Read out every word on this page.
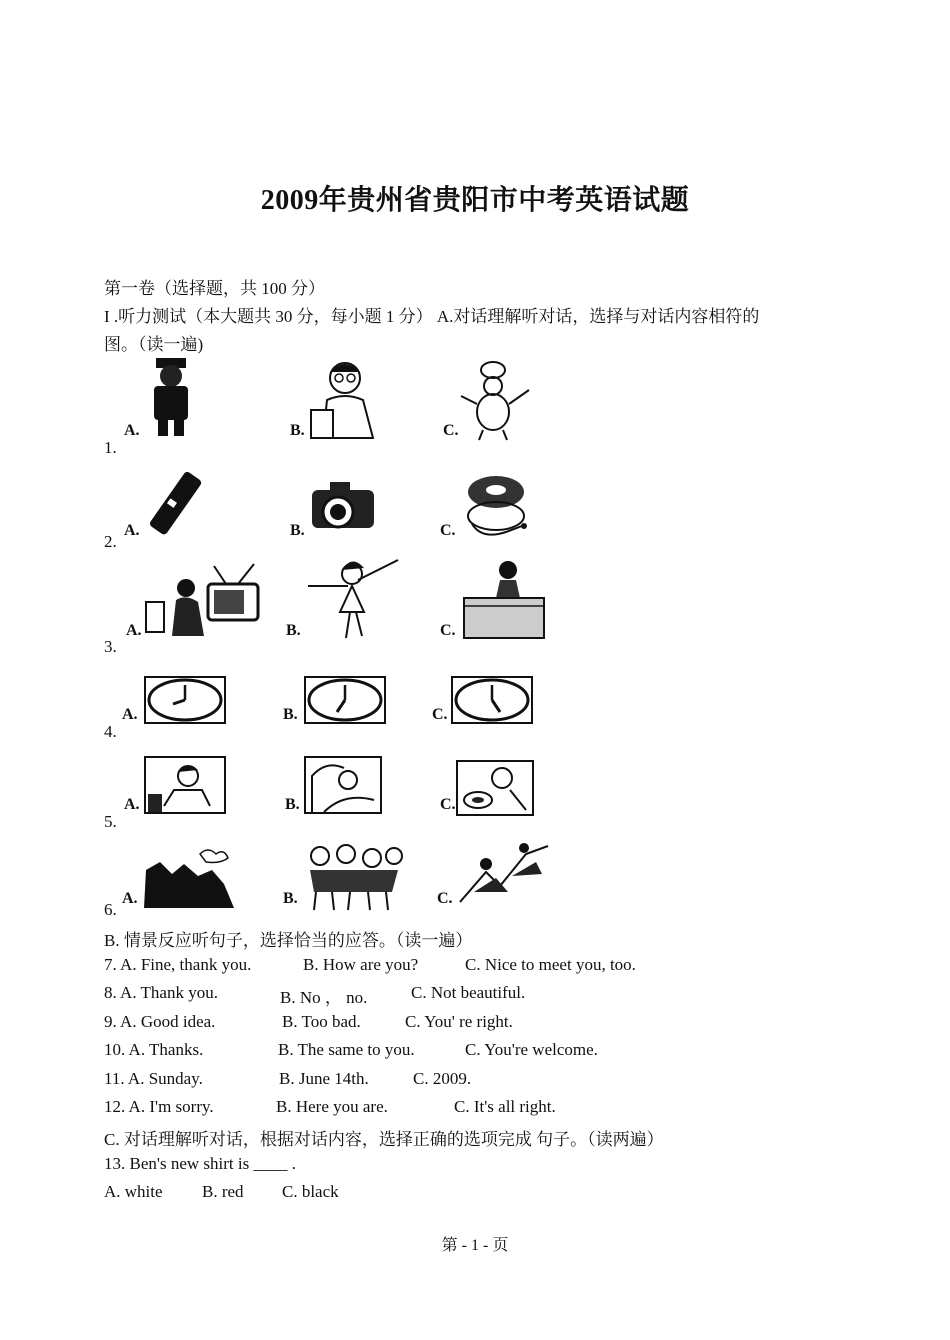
2009年贵州省贵阳市中考英语试题
第一卷（选择题，共 100 分）
I .听力测试（本大题共 30 分，每小题 1 分） A.对话理解听对话，选择与对话内容相符的
图。（读一遍)
1.
A.	B.	C.
2.
A.	B.	C.
3.
A.	B.	C.
4.
A.	B.	C.
5.
A.	B.	C.
6.
A.	B.	C.
B. 情景反应听句子，选择恰当的应答。（读一遍）
7. A. Fine, thank you.	B. How are you?	C. Nice to meet you, too.
8. A. Thank you.	B. No ， no.	C. Not beautiful.
9. A. Good idea.	B. Too bad.	C. You' re right.
10. A. Thanks.	B. The same to you.	C. You're welcome.
11. A. Sunday.	B. June 14th.	C. 2009.
12. A. I'm sorry.	B. Here you are.	C. It's all right.
C. 对话理解听对话，根据对话内容，选择正确的选项完成 句子。（读两遍）
13. Ben's new shirt is ____ .
A. white B. red C. black
第 - 1 - 页
